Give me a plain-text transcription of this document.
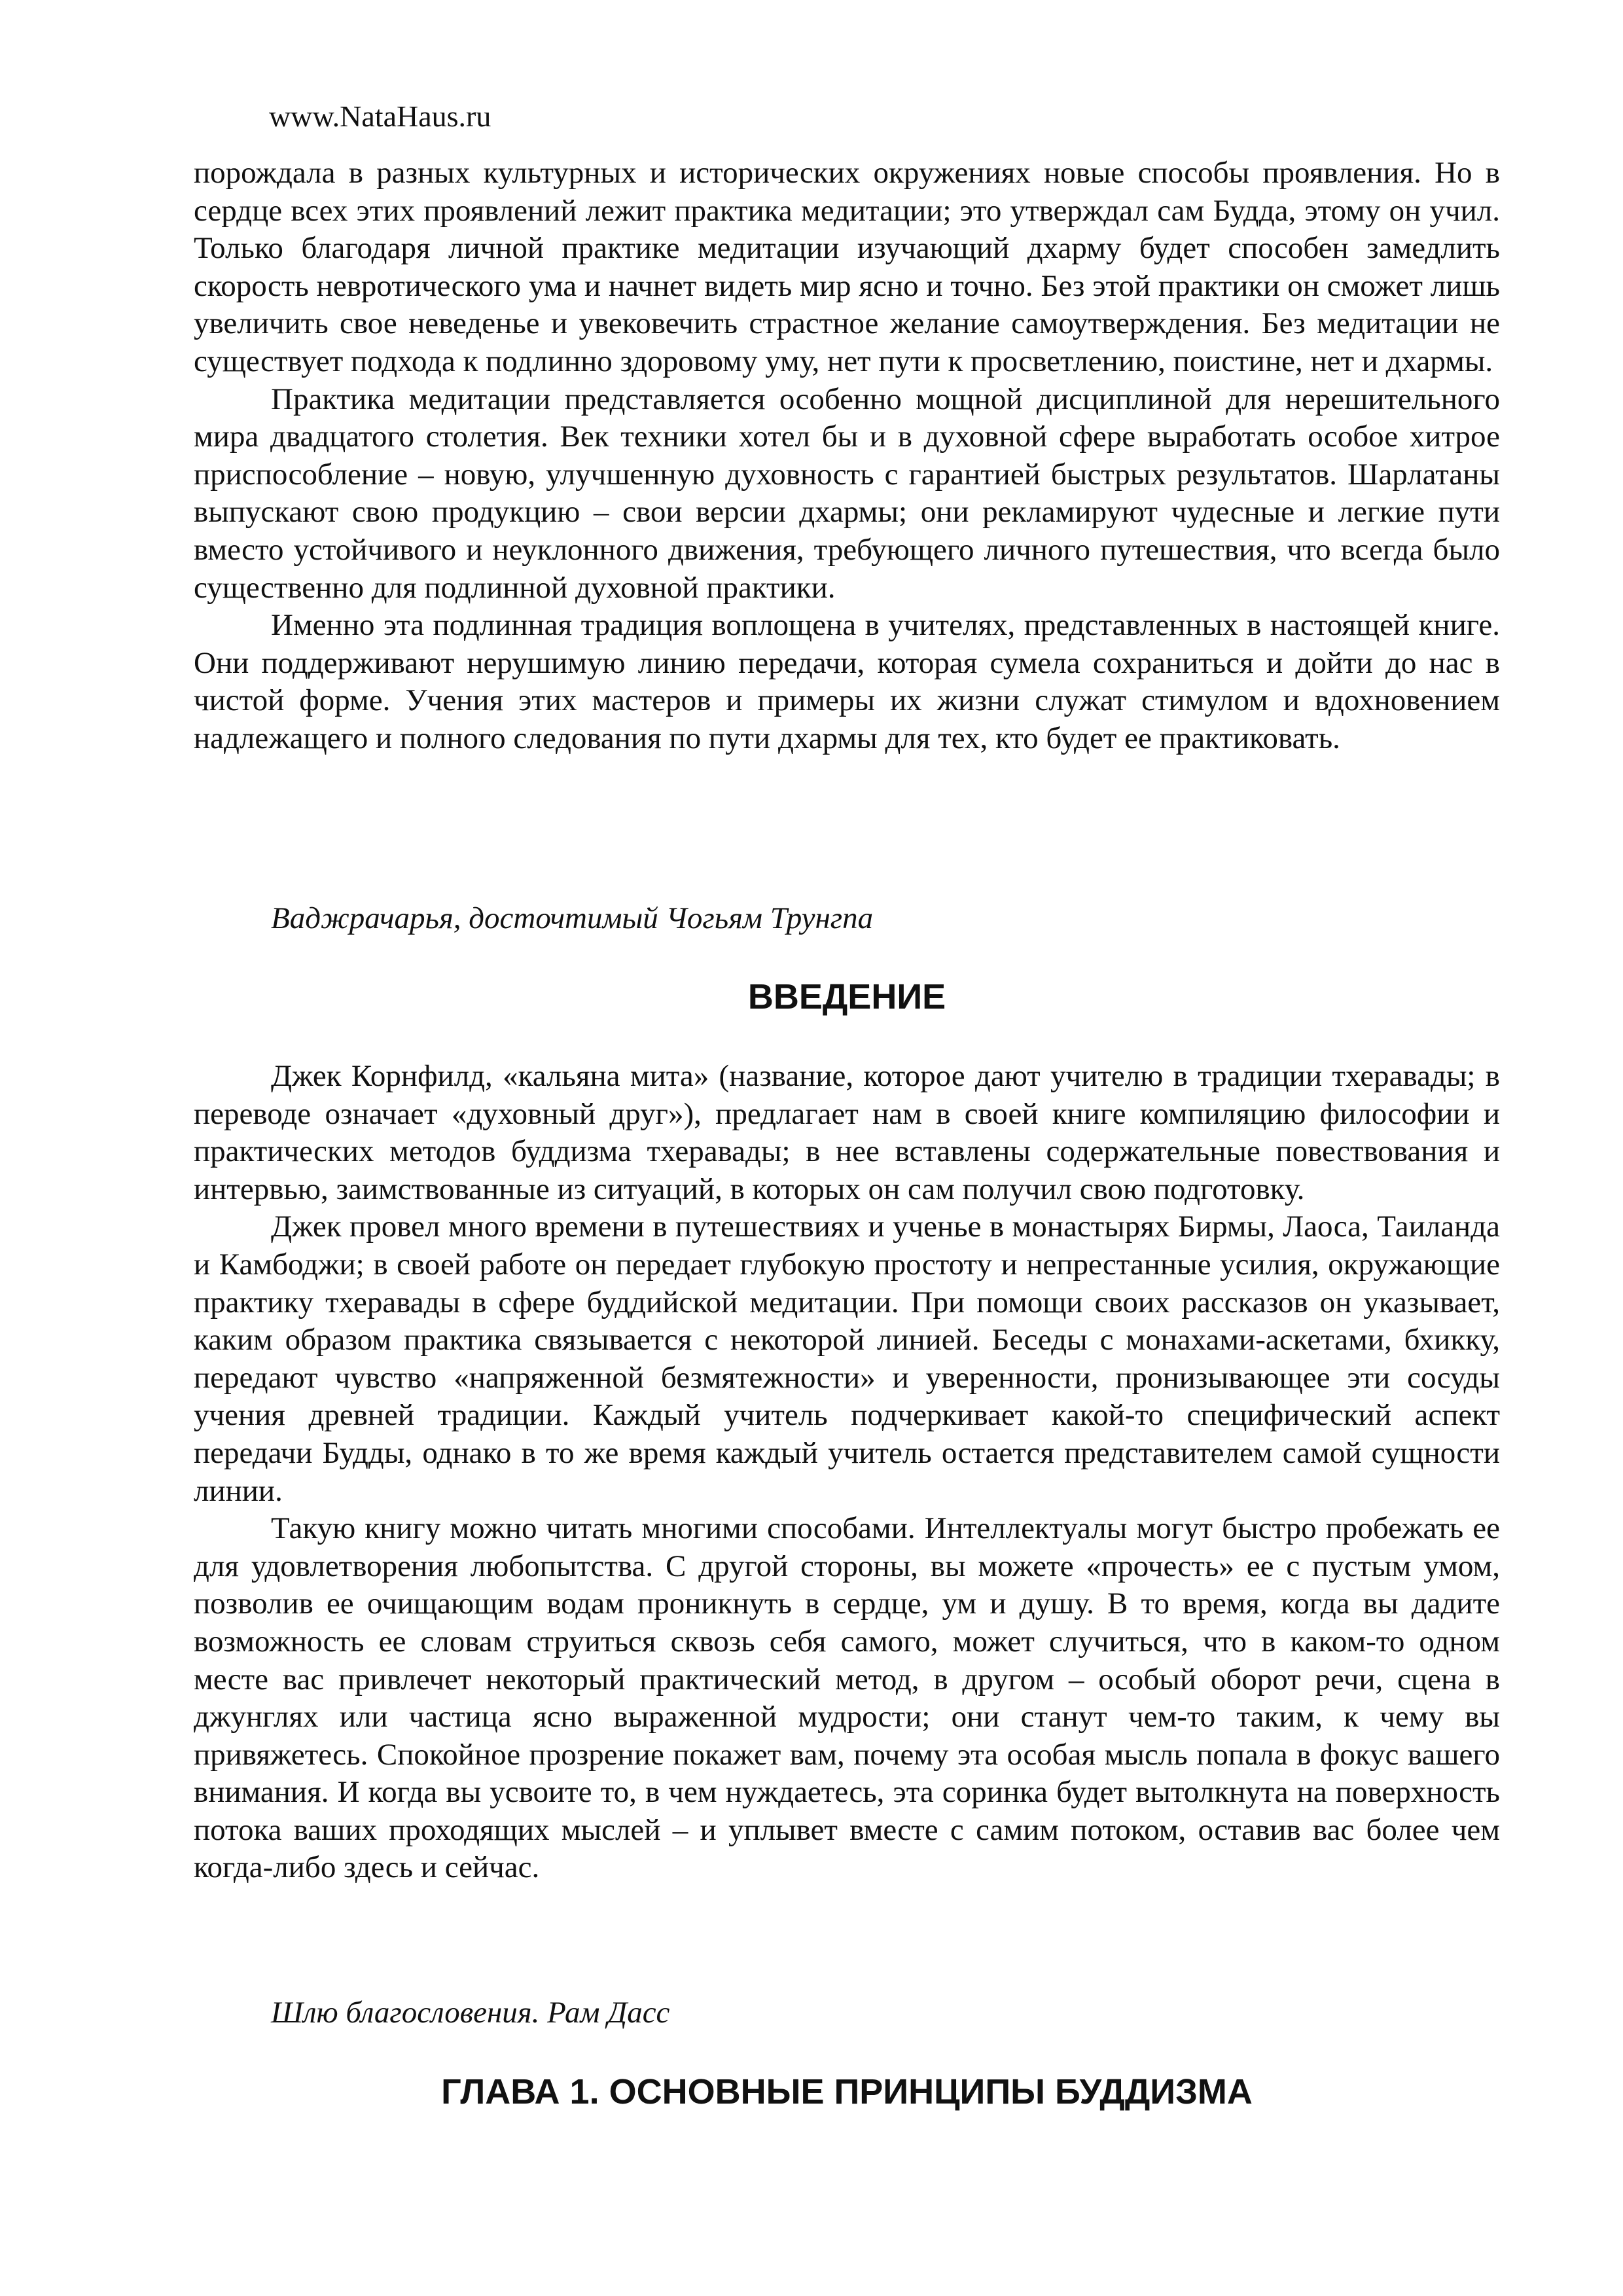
www.NataHaus.ru

порождала в разных культурных и исторических окружениях новые способы проявления. Но в сердце всех этих проявлений лежит практика медитации; это утверждал сам Будда, этому он учил. Только благодаря личной практике медитации изучающий дхарму будет способен замедлить скорость невротического ума и начнет видеть мир ясно и точно. Без этой практики он сможет лишь увеличить свое неведенье и увековечить страстное желание самоутверждения. Без медитации не существует подхода к подлинно здоровому уму, нет пути к просветлению, поистине, нет и дхармы.

Практика медитации представляется особенно мощной дисциплиной для нерешительного мира двадцатого столетия. Век техники хотел бы и в духовной сфере выработать особое хитрое приспособление – новую, улучшенную духовность с гарантией быстрых результатов. Шарлатаны выпускают свою продукцию – свои версии дхармы; они рекламируют чудесные и легкие пути вместо устойчивого и неуклонного движения, требующего личного путешествия, что всегда было существенно для подлинной духовной практики.

Именно эта подлинная традиция воплощена в учителях, представленных в настоящей книге. Они поддерживают нерушимую линию передачи, которая сумела сохраниться и дойти до нас в чистой форме. Учения этих мастеров и примеры их жизни служат стимулом и вдохновением надлежащего и полного следования по пути дхармы для тех, кто будет ее практиковать.

Ваджрачарья, досточтимый Чогьям Трунгпа
ВВЕДЕНИЕ

Джек Корнфилд, «кальяна мита» (название, которое дают учителю в традиции тхеравады; в переводе означает «духовный друг»), предлагает нам в своей книге компиляцию философии и практических методов буддизма тхеравады; в нее вставлены содержательные повествования и интервью, заимствованные из ситуаций, в которых он сам получил свою подготовку.

Джек провел много времени в путешествиях и ученье в монастырях Бирмы, Лаоса, Таиланда и Камбоджи; в своей работе он передает глубокую простоту и непрестанные усилия, окружающие практику тхеравады в сфере буддийской медитации. При помощи своих рассказов он указывает, каким образом практика связывается с некоторой линией. Беседы с монахами-аскетами, бхикку, передают чувство «напряженной безмятежности» и уверенности, пронизывающее эти сосуды учения древней традиции. Каждый учитель подчеркивает какой-то специфический аспект передачи Будды, однако в то же время каждый учитель остается представителем самой сущности линии.

Такую книгу можно читать многими способами. Интеллектуалы могут быстро пробежать ее для удовлетворения любопытства. С другой стороны, вы можете «прочесть» ее с пустым умом, позволив ее очищающим водам проникнуть в сердце, ум и душу. В то время, когда вы дадите возможность ее словам струиться сквозь себя самого, может случиться, что в каком-то одном месте вас привлечет некоторый практический метод, в другом – особый оборот речи, сцена в джунглях или частица ясно выраженной мудрости; они станут чем-то таким, к чему вы привяжетесь. Спокойное прозрение покажет вам, почему эта особая мысль попала в фокус вашего внимания. И когда вы усвоите то, в чем нуждаетесь, эта соринка будет вытолкнута на поверхность потока ваших проходящих мыслей – и уплывет вместе с самим потоком, оставив вас более чем когда-либо здесь и сейчас.

Шлю благословения. Рам Дасс
ГЛАВА 1. ОСНОВНЫЕ ПРИНЦИПЫ БУДДИЗМА
